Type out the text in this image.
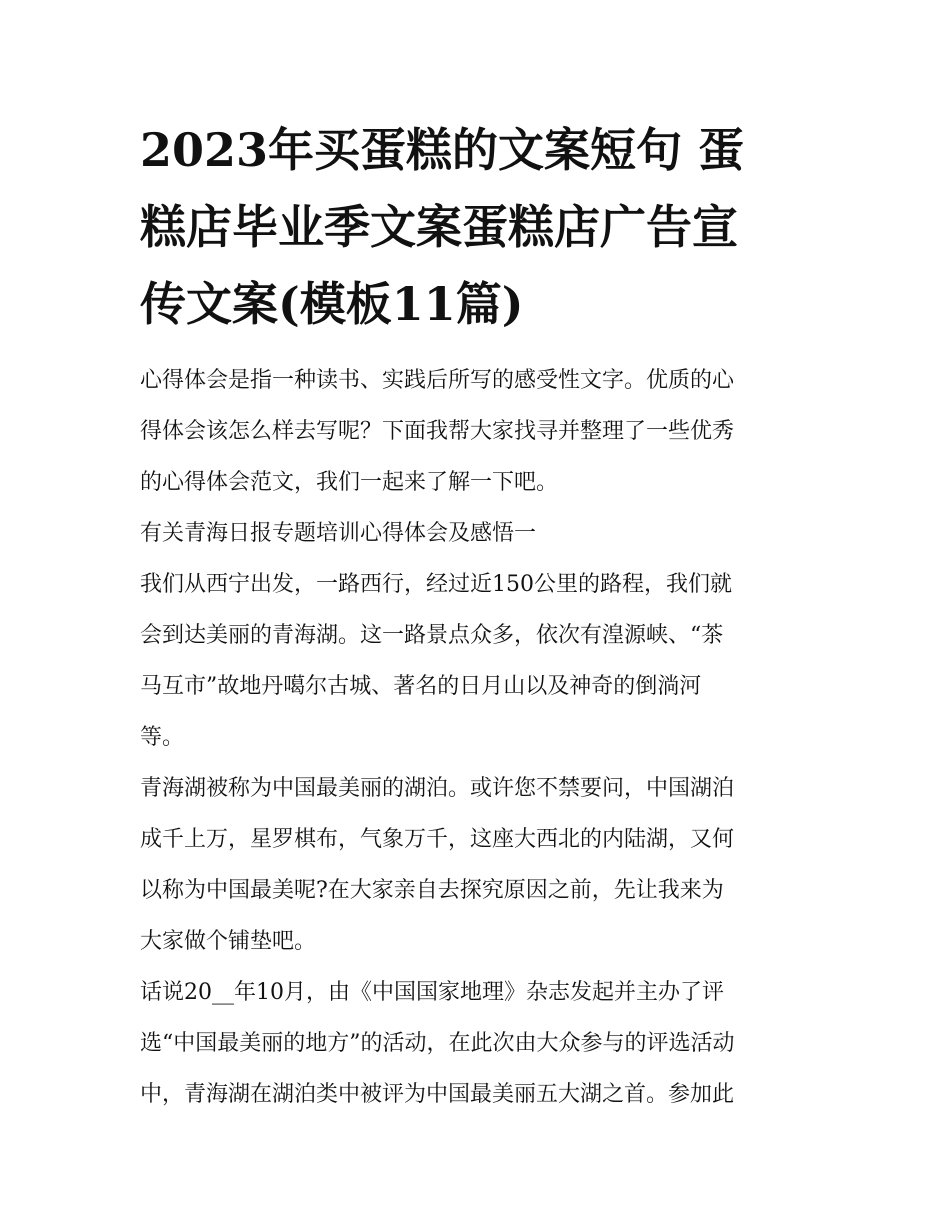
2023年买蛋糕的文案短句 蛋
糕店毕业季文案蛋糕店广告宣
传文案(模板11篇)

心得体会是指一种读书、实践后所写的感受性文字。优质的心
得体会该怎么样去写呢？下面我帮大家找寻并整理了一些优秀
的心得体会范文，我们一起来了解一下吧。

有关青海日报专题培训心得体会及感悟一

我们从西宁出发，一路西行，经过近150公里的路程，我们就
会到达美丽的青海湖。这一路景点众多，依次有湟源峡、“茶
马互市”故地丹噶尔古城、著名的日月山以及神奇的倒淌河
等。

青海湖被称为中国最美丽的湖泊。或许您不禁要问，中国湖泊
成千上万，星罗棋布，气象万千，这座大西北的内陆湖，又何
以称为中国最美呢?在大家亲自去探究原因之前，先让我来为
大家做个铺垫吧。

话说20__年10月，由《中国国家地理》杂志发起并主办了评
选“中国最美丽的地方”的活动，在此次由大众参与的评选活动
中，青海湖在湖泊类中被评为中国最美丽五大湖之首。参加此
